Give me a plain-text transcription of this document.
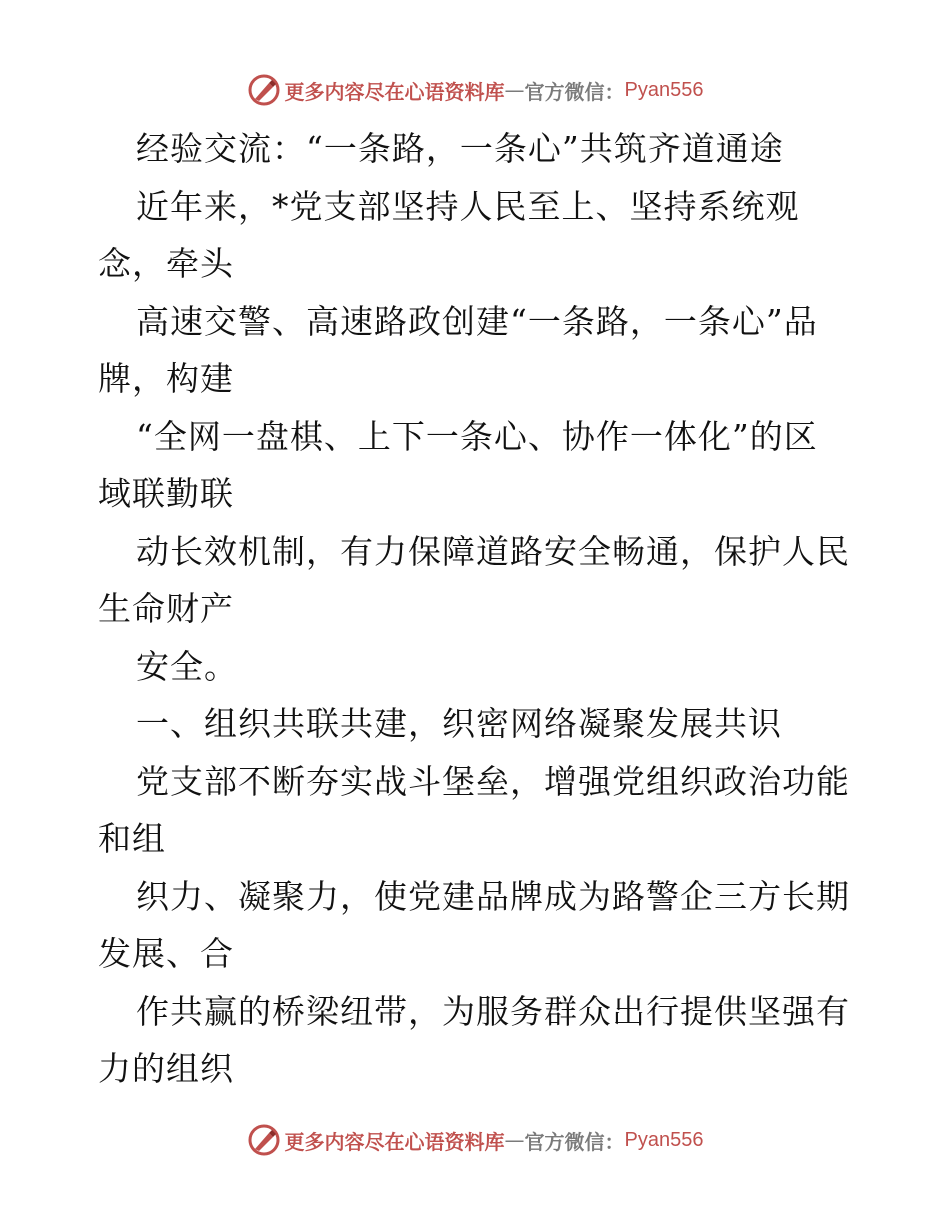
更多内容尽在心语资料库 — 官方微信： Pyan556
经验交流：“一条路，一条心”共筑齐道通途
近年来，*党支部坚持人民至上、坚持系统观
念，牵头
高速交警、高速路政创建“一条路，一条心”品
牌，构建
“全网一盘棋、上下一条心、协作一体化”的区
域联勤联
动长效机制，有力保障道路安全畅通，保护人民
生命财产
安全。
一、组织共联共建，织密网络凝聚发展共识
党支部不断夯实战斗堡垒，增强党组织政治功能
和组
织力、凝聚力，使党建品牌成为路警企三方长期
发展、合
作共赢的桥梁纽带，为服务群众出行提供坚强有
力的组织
更多内容尽在心语资料库 — 官方微信： Pyan556
